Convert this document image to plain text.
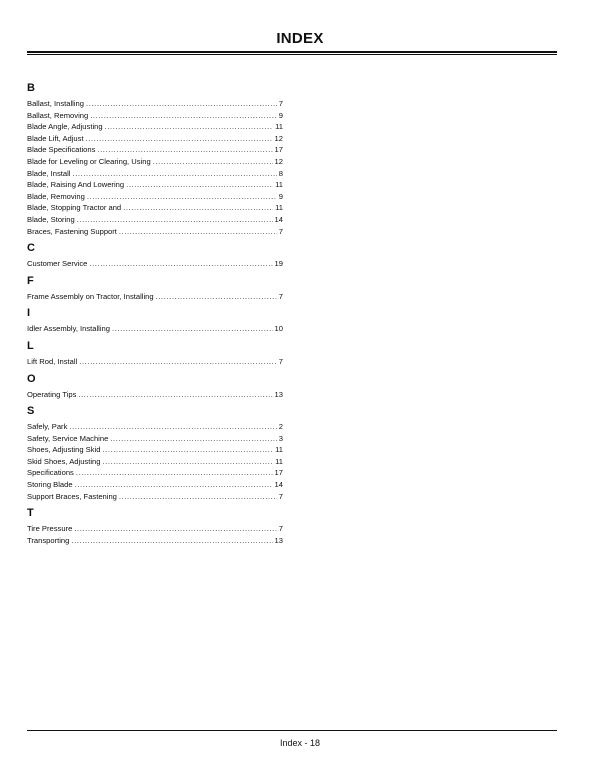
INDEX
B
Ballast, Installing .....	7
Ballast, Removing .....	9
Blade Angle, Adjusting .....	11
Blade Lift, Adjust .....	12
Blade Specifications .....	17
Blade for Leveling or Clearing, Using .....	12
Blade, Install .....	8
Blade, Raising And Lowering .....	11
Blade, Removing .....	9
Blade, Stopping Tractor and .....	11
Blade, Storing .....	14
Braces, Fastening Support .....	7
C
Customer Service .....	19
F
Frame Assembly on Tractor, Installing .....	7
I
Idler Assembly, Installing .....	10
L
Lift Rod, Install .....	7
O
Operating Tips .....	13
S
Safely, Park .....	2
Safety, Service Machine .....	3
Shoes, Adjusting Skid .....	11
Skid Shoes, Adjusting .....	11
Specifications .....	17
Storing Blade .....	14
Support Braces, Fastening .....	7
T
Tire Pressure .....	7
Transporting .....	13
Index - 18
